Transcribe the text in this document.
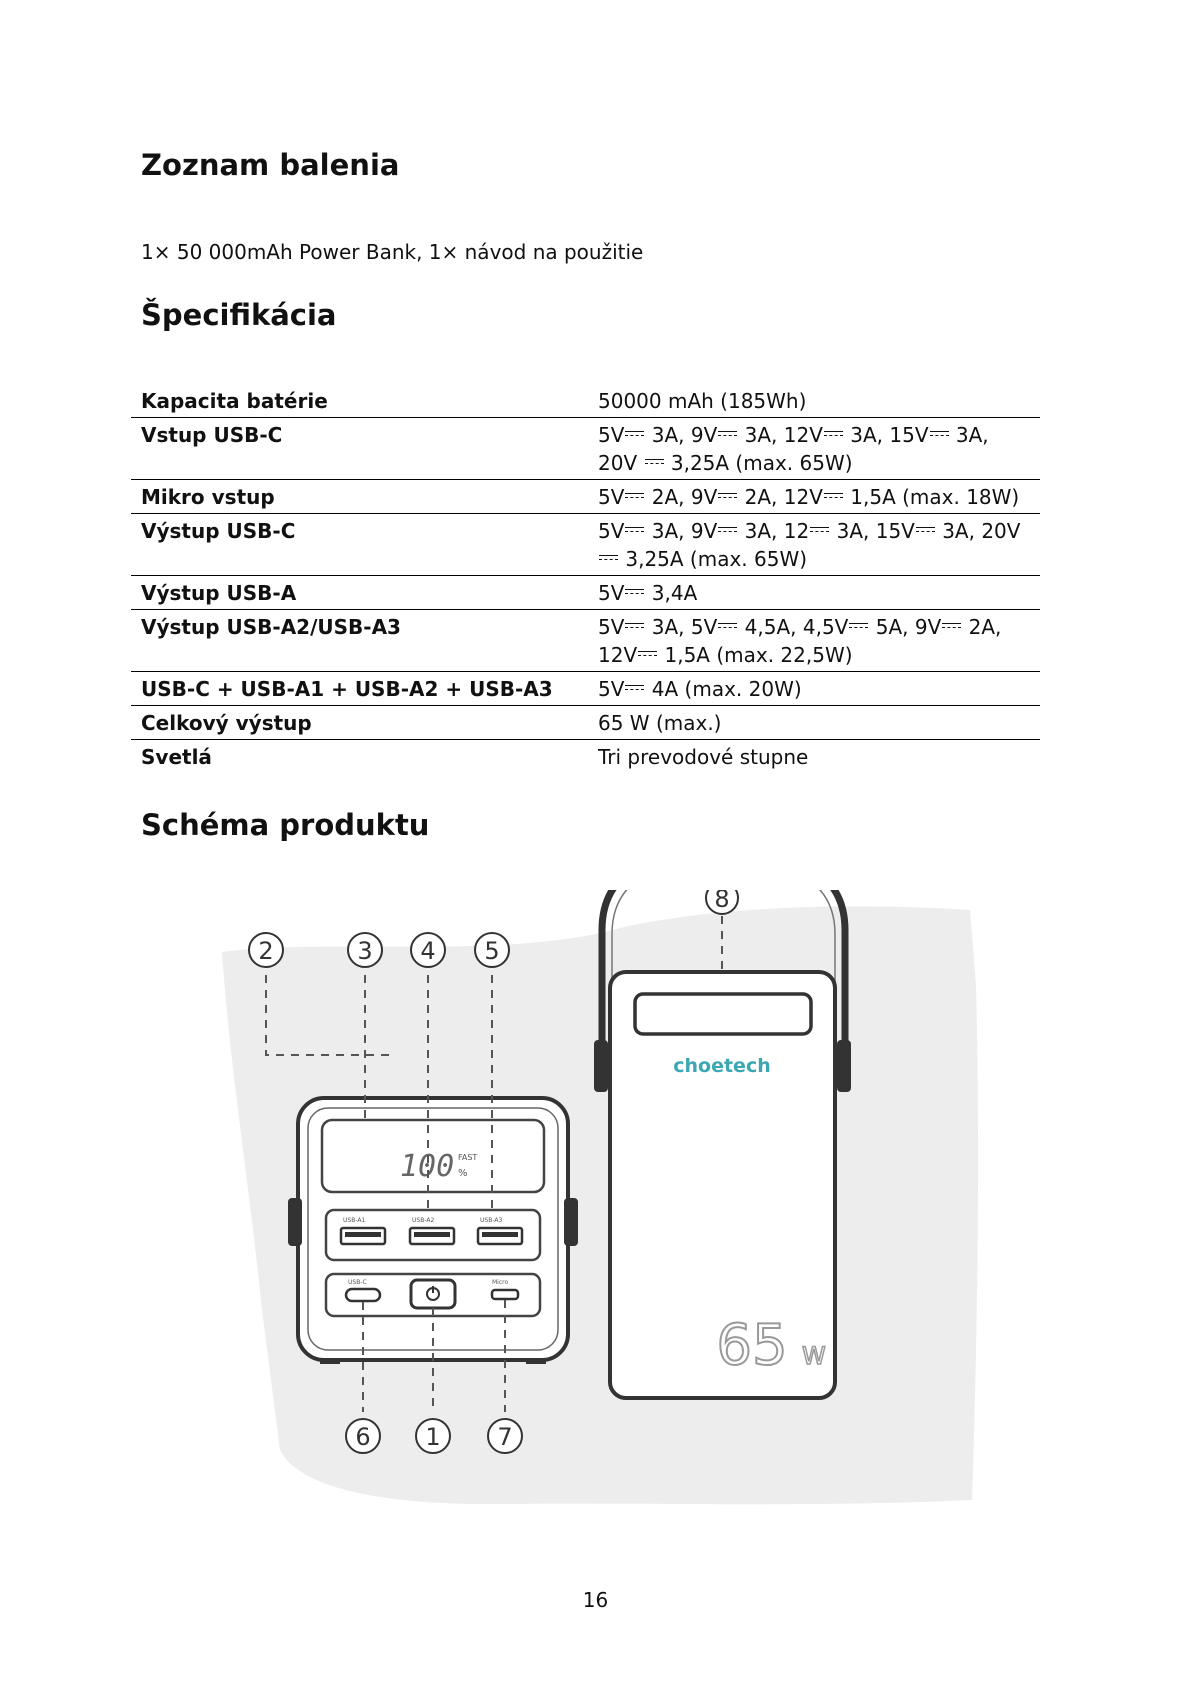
Zoznam balenia
1× 50 000mAh Power Bank, 1× návod na použitie
Špecifikácia
Kapacita batérie	50000 mAh (185Wh)
Vstup USB-C	5V 3A, 9V 3A, 12V 3A, 15V 3A, 20V  3,25A (max. 65W)
Mikro vstup	5V 2A, 9V 2A, 12V 1,5A (max. 18W)
Výstup USB-C	5V 3A, 9V 3A, 12 3A, 15V 3A, 20V  3,25A (max. 65W)
Výstup USB-A	5V 3,4A
Výstup USB-A2/USB-A3	5V 3A, 5V 4,5A, 4,5V 5A, 9V 2A, 12V 1,5A (max. 22,5W)
USB-C + USB-A1 + USB-A2 + USB-A3	5V 4A (max. 20W)
Celkový výstup	65 W (max.)
Svetlá	Tri prevodové stupne
Schéma produktu
100 FAST
%
USB-A1	USB-A2	USB-A3
USB-C	Micro
2	3 4 5
6 1 7
8
choetech
65 W
16
